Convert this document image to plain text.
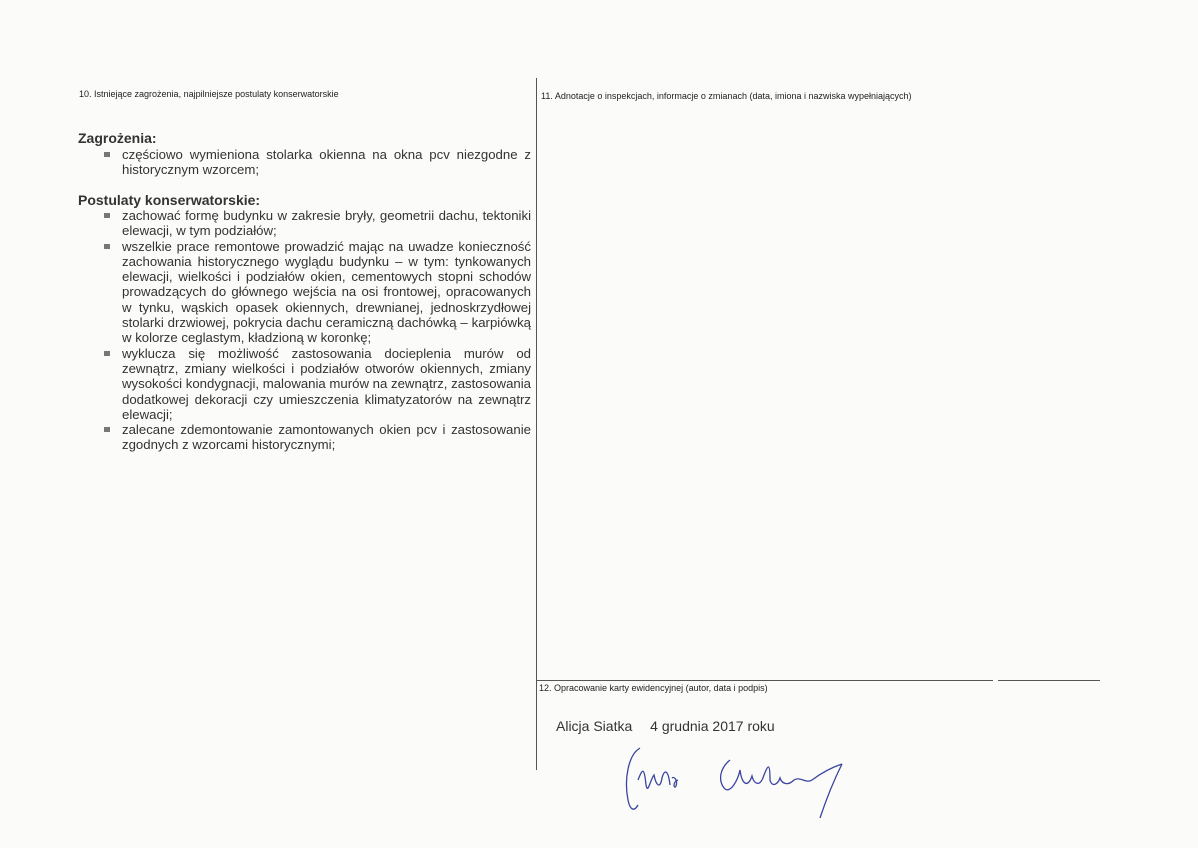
10. Istniejące zagrożenia, najpilniejsze postulaty konserwatorskie
Zagrożenia:
częściowo wymieniona stolarka okienna na okna pcv niezgodne z historycznym wzorcem;
Postulaty konserwatorskie:
zachować formę budynku w zakresie bryły, geometrii dachu, tektoniki elewacji, w tym podziałów;
wszelkie prace remontowe prowadzić mając na uwadze konieczność zachowania historycznego wyglądu budynku – w tym: tynkowanych elewacji, wielkości i podziałów okien, cementowych stopni schodów prowadzących do głównego wejścia na osi frontowej, opracowanych w tynku, wąskich opasek okiennych, drewnianej, jednoskrzydłowej stolarki drzwiowej, pokrycia dachu ceramiczną dachówką – karpiówką w kolorze ceglastym, kładzioną w koronkę;
wyklucza się możliwość zastosowania docieplenia murów od zewnątrz, zmiany wielkości i podziałów otworów okiennych, zmiany wysokości kondygnacji, malowania murów na zewnątrz, zastosowania dodatkowej dekoracji czy umieszczenia klimatyzatorów na zewnątrz elewacji;
zalecane zdemontowanie zamontowanych okien pcv i zastosowanie zgodnych z wzorcami historycznymi;
11. Adnotacje o inspekcjach, informacje o zmianach (data, imiona i nazwiska wypełniających)
12. Opracowanie karty ewidencyjnej (autor, data i podpis)
Alicja Siatka 4 grudnia 2017 roku
